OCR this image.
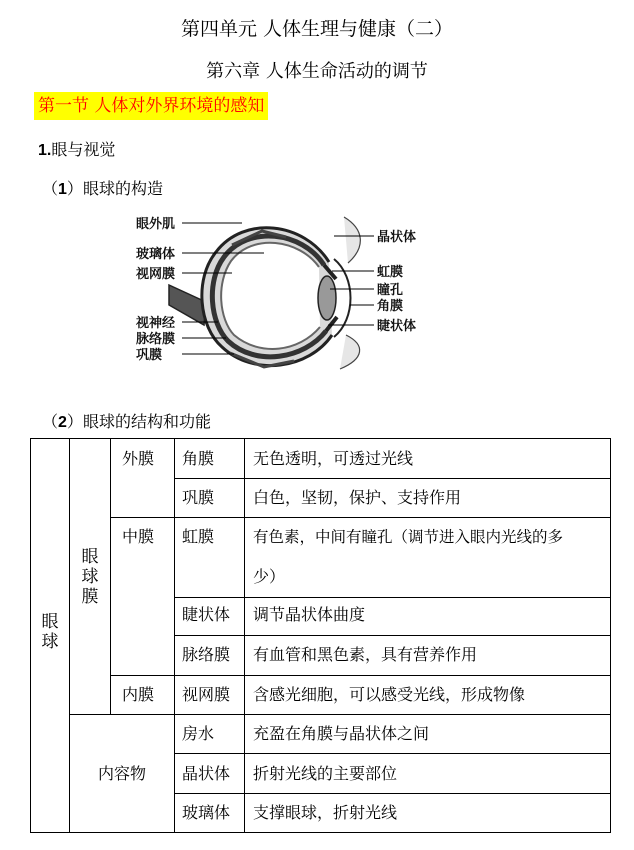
第四单元 人体生理与健康（二）
第六章 人体生命活动的调节
第一节 人体对外界环境的感知
1.眼与视觉
（1）眼球的构造
眼外肌
玻璃体
视网膜
视神经
脉络膜
巩膜
晶状体
虹膜
瞳孔
角膜
睫状体
（2）眼球的结构和功能
眼球
眼球膜
内容物
外膜
中膜
内膜
角膜
巩膜
虹膜
睫状体
脉络膜
视网膜
房水
晶状体
玻璃体
无色透明，可透过光线
白色，坚韧，保护、支持作用
有色素，中间有瞳孔（调节进入眼内光线的多
少）
调节晶状体曲度
有血管和黑色素，具有营养作用
含感光细胞，可以感受光线，形成物像
充盈在角膜与晶状体之间
折射光线的主要部位
支撑眼球，折射光线
